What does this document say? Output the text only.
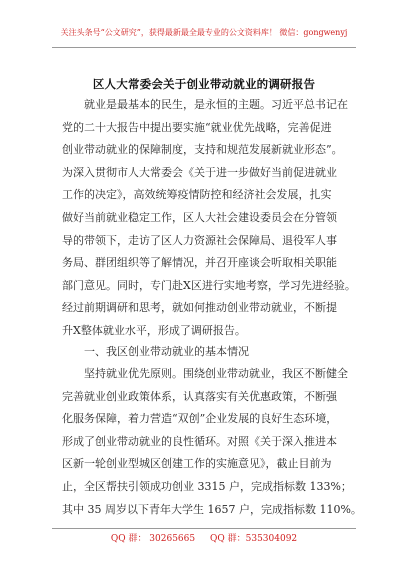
关注头条号“公文研究”，获得最新最全最专业的公文资料库！ 微信：gongwenyj
区人大常委会关于创业带动就业的调研报告
就业是最基本的民生，是永恒的主题。习近平总书记在
党的二十大报告中提出要实施“就业优先战略，完善促进
创业带动就业的保障制度，支持和规范发展新就业形态”。
为深入贯彻市人大常委会《关于进一步做好当前促进就业
工作的决定》，高效统筹疫情防控和经济社会发展，扎实
做好当前就业稳定工作，区人大社会建设委员会在分管领
导的带领下，走访了区人力资源社会保障局、退役军人事
务局、群团组织等了解情况，并召开座谈会听取相关职能
部门意见。同时，专门赴X区进行实地考察，学习先进经验。
经过前期调研和思考，就如何推动创业带动就业，不断提
升X整体就业水平，形成了调研报告。
一、我区创业带动就业的基本情况
坚持就业优先原则。围绕创业带动就业，我区不断健全
完善就业创业政策体系，认真落实有关优惠政策，不断强
化服务保障，着力营造“双创”企业发展的良好生态环境，
形成了创业带动就业的良性循环。对照《关于深入推进本
区新一轮创业型城区创建工作的实施意见》，截止目前为
止，全区帮扶引领成功创业 3315 户，完成指标数 133%；
其中 35 周岁以下青年大学生 1657 户，完成指标数 110%。
QQ 群： 30265665 QQ 群：535304092
